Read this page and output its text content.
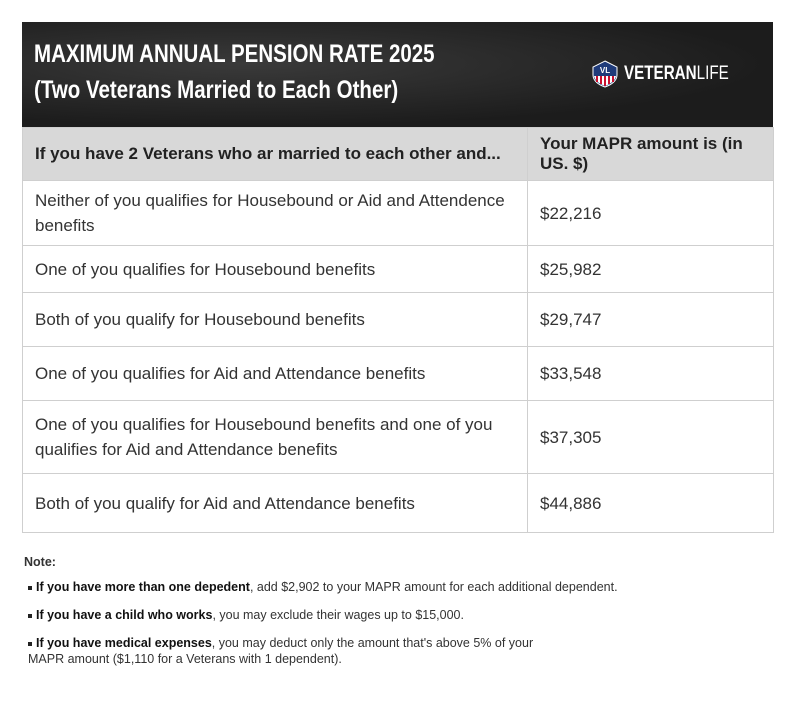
MAXIMUM ANNUAL PENSION RATE 2025
(Two Veterans Married to Each Other)
VL VETERANLIFE
If you have 2 Veterans who ar married to each other and...	Your MAPR amount is (in US. $)
Neither of you qualifies for Housebound or Aid and Attendence benefits	$22,216
One of you qualifies for Housebound benefits	$25,982
Both of you qualify for Housebound benefits	$29,747
One of you qualifies for Aid and Attendance benefits	$33,548
One of you qualifies for Housebound benefits and one of you qualifies for Aid and Attendance benefits	$37,305
Both of you qualify for Aid and Attendance benefits	$44,886
Note:
If you have more than one depedent, add $2,902 to your MAPR amount for each additional dependent.
If you have a child who works, you may exclude their wages up to $15,000.
If you have medical expenses, you may deduct only the amount that's above 5% of your MAPR amount ($1,110 for a Veterans with 1 dependent).
